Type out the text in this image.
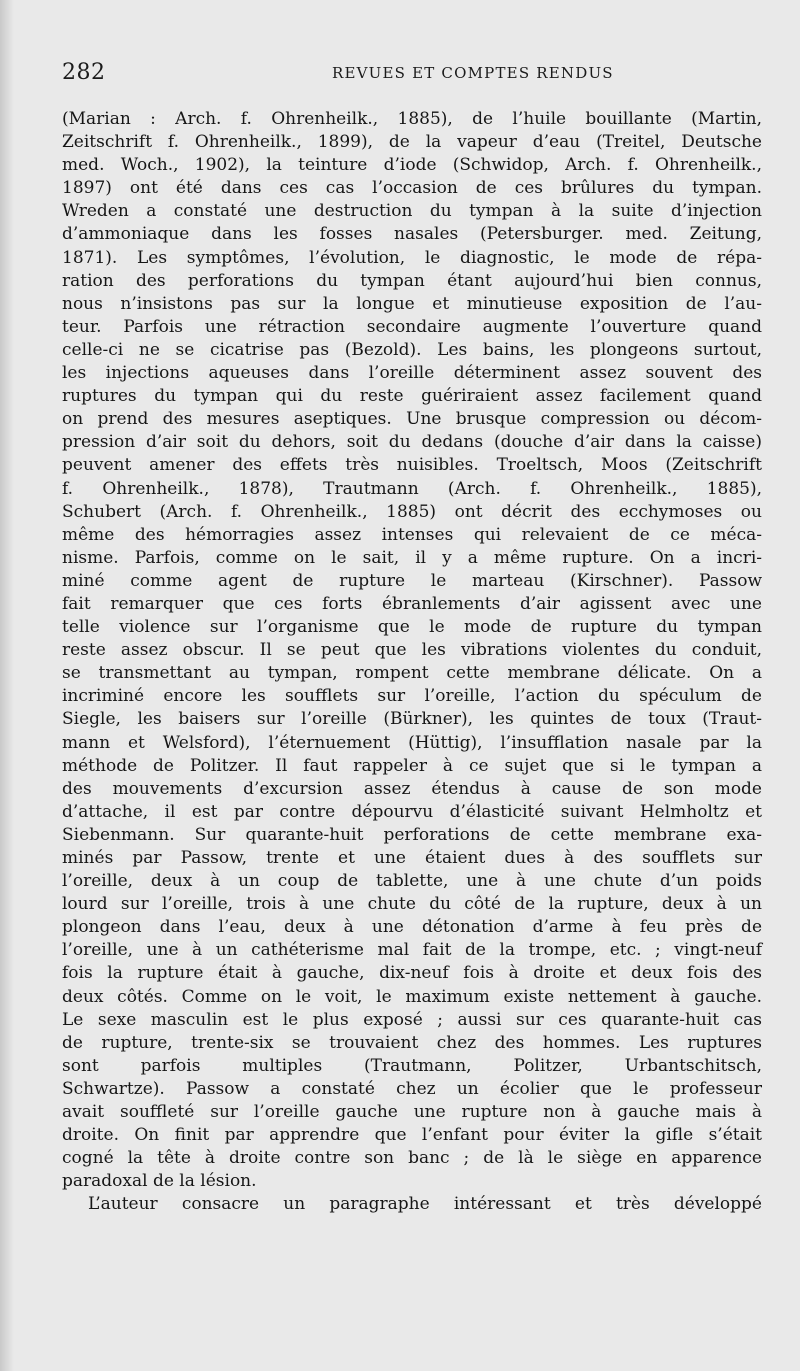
282	REVUES ET COMPTES RENDUS
(Marian : Arch. f. Ohrenheilk., 1885), de l’huile bouillante (Martin,
Zeitschrift f. Ohrenheilk., 1899), de la vapeur d’eau (Treitel, Deutsche
med. Woch., 1902), la teinture d’iode (Schwidop, Arch. f. Ohrenheilk.,
1897) ont été dans ces cas l’occasion de ces brûlures du tympan.
Wreden a constaté une destruction du tympan à la suite d’injection
d’ammoniaque dans les fosses nasales (Petersburger. med. Zeitung,
1871). Les symptômes, l’évolution, le diagnostic, le mode de répa-
ration des perforations du tympan étant aujourd’hui bien connus,
nous n’insistons pas sur la longue et minutieuse exposition de l’au-
teur. Parfois une rétraction secondaire augmente l’ouverture quand
celle-ci ne se cicatrise pas (Bezold). Les bains, les plongeons surtout,
les injections aqueuses dans l’oreille déterminent assez souvent des
ruptures du tympan qui du reste guériraient assez facilement quand
on prend des mesures aseptiques. Une brusque compression ou décom-
pression d’air soit du dehors, soit du dedans (douche d’air dans la caisse)
peuvent amener des effets très nuisibles. Troeltsch, Moos (Zeitschrift
f. Ohrenheilk., 1878), Trautmann (Arch. f. Ohrenheilk., 1885),
Schubert (Arch. f. Ohrenheilk., 1885) ont décrit des ecchymoses ou
même des hémorragies assez intenses qui relevaient de ce méca-
nisme. Parfois, comme on le sait, il y a même rupture. On a incri-
miné comme agent de rupture le marteau (Kirschner). Passow
fait remarquer que ces forts ébranlements d’air agissent avec une
telle violence sur l’organisme que le mode de rupture du tympan
reste assez obscur. Il se peut que les vibrations violentes du conduit,
se transmettant au tympan, rompent cette membrane délicate. On a
incriminé encore les soufflets sur l’oreille, l’action du spéculum de
Siegle, les baisers sur l’oreille (Bürkner), les quintes de toux (Traut-
mann et Welsford), l’éternuement (Hüttig), l’insufflation nasale par la
méthode de Politzer. Il faut rappeler à ce sujet que si le tympan a
des mouvements d’excursion assez étendus à cause de son mode
d’attache, il est par contre dépourvu d’élasticité suivant Helmholtz et
Siebenmann. Sur quarante-huit perforations de cette membrane exa-
minés par Passow, trente et une étaient dues à des soufflets sur
l’oreille, deux à un coup de tablette, une à une chute d’un poids
lourd sur l’oreille, trois à une chute du côté de la rupture, deux à un
plongeon dans l’eau, deux à une détonation d’arme à feu près de
l’oreille, une à un cathéterisme mal fait de la trompe, etc. ; vingt-neuf
fois la rupture était à gauche, dix-neuf fois à droite et deux fois des
deux côtés. Comme on le voit, le maximum existe nettement à gauche.
Le sexe masculin est le plus exposé ; aussi sur ces quarante-huit cas
de rupture, trente-six se trouvaient chez des hommes. Les ruptures
sont parfois multiples (Trautmann, Politzer, Urbantschitsch,
Schwartze). Passow a constaté chez un écolier que le professeur
avait souffleté sur l’oreille gauche une rupture non à gauche mais à
droite. On finit par apprendre que l’enfant pour éviter la gifle s’était
cogné la tête à droite contre son banc ; de là le siège en apparence
paradoxal de la lésion.
L’auteur consacre un paragraphe intéressant et très développé
